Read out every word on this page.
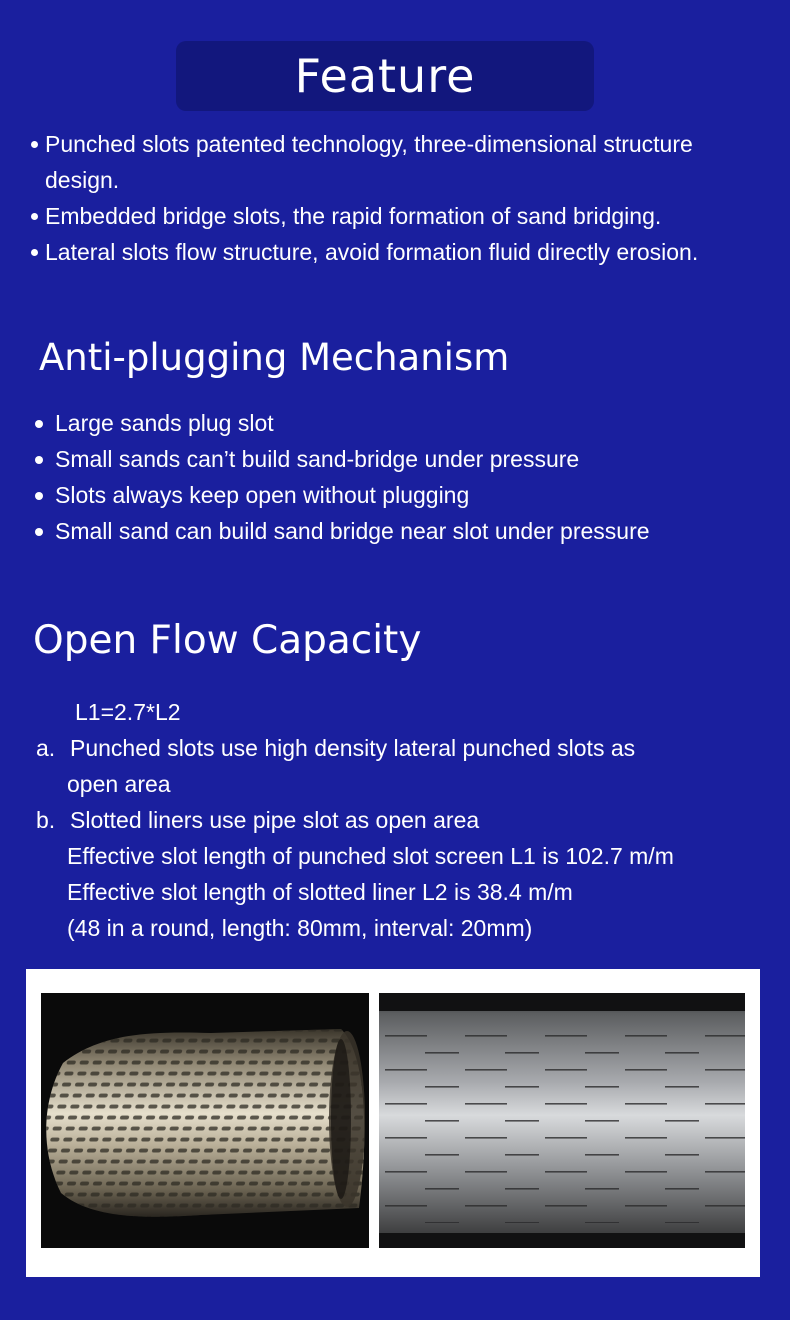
Feature
Punched slots patented technology, three-dimensional structure design.
Embedded bridge slots, the rapid formation of sand bridging.
Lateral slots flow structure, avoid formation fluid directly erosion.
Anti-plugging Mechanism
Large sands plug slot
Small sands can’t build sand-bridge under pressure
Slots always keep open without plugging
Small sand can build sand bridge near slot under pressure
Open Flow Capacity
L1=2.7*L2
a. Punched slots use high density lateral punched slots as
open area
b. Slotted liners use pipe slot as open area
Effective slot length of punched slot screen L1 is 102.7 m/m
Effective slot length of slotted liner L2 is 38.4 m/m
(48 in a round, length: 80mm, interval: 20mm)
